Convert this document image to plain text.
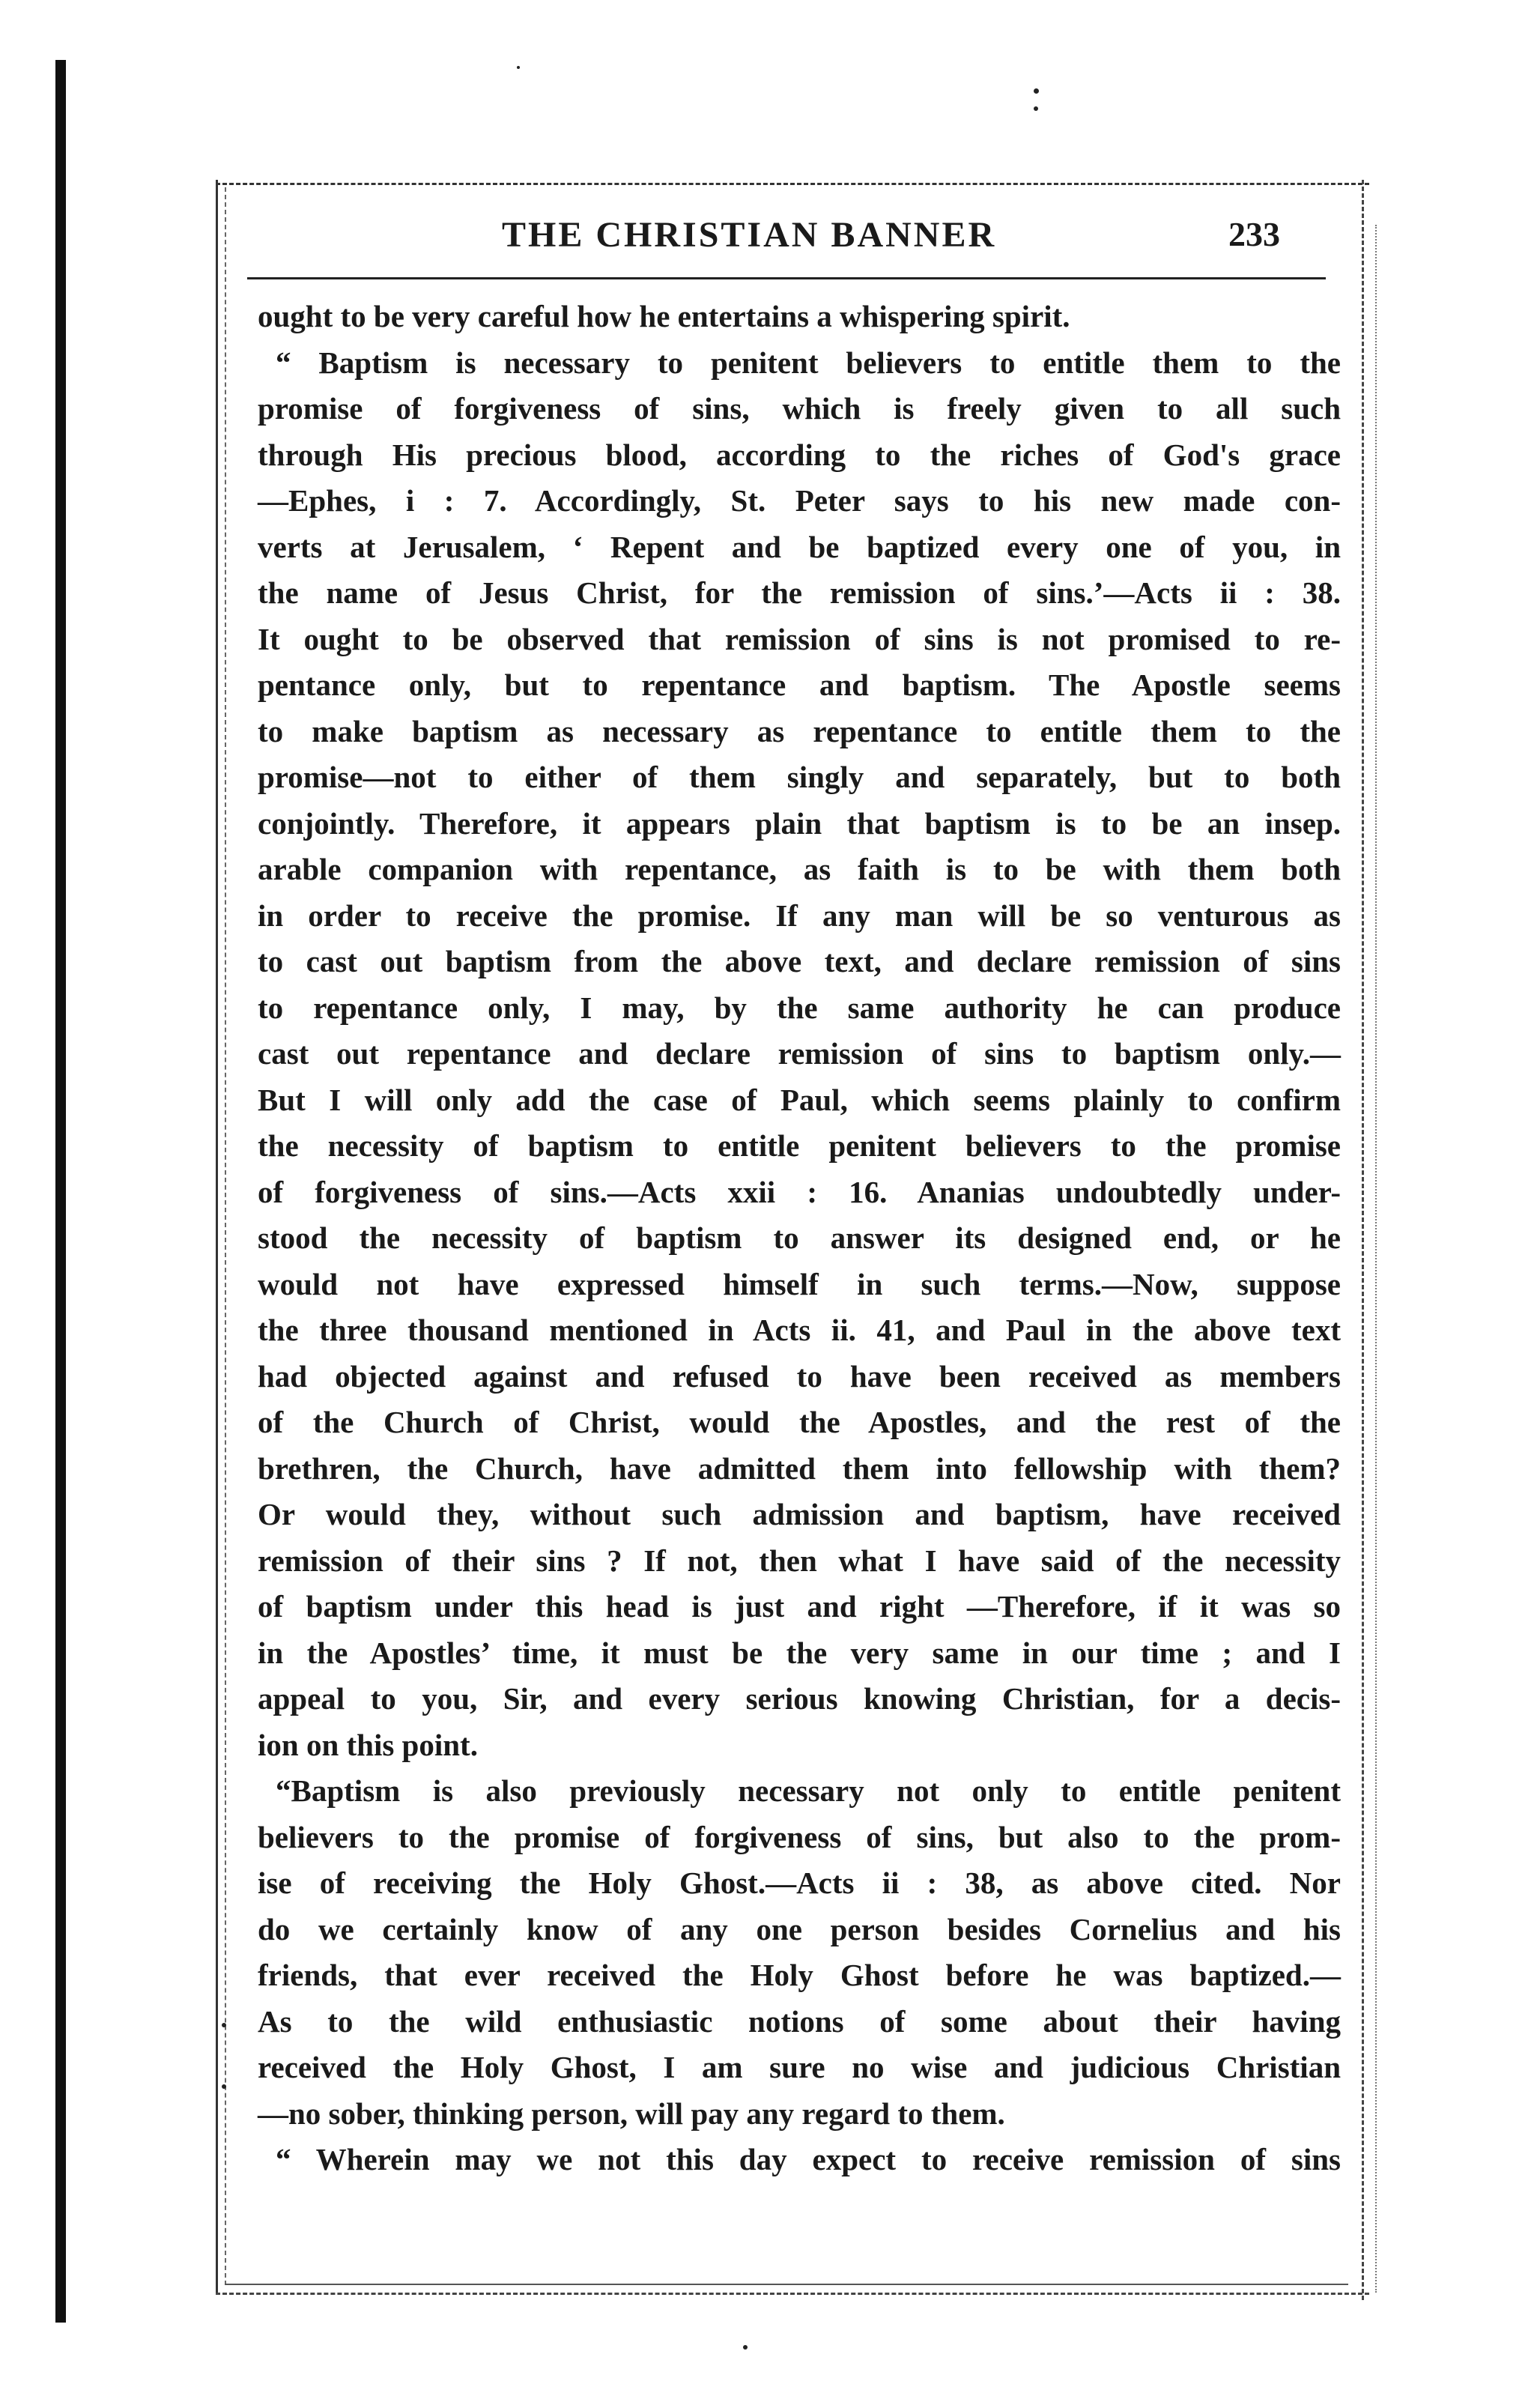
THE CHRISTIAN BANNER	233
ought to be very careful how he entertains a whispering spirit.
“ Baptism is necessary to penitent believers to entitle them to the
promise of forgiveness of sins, which is freely given to all such
through His precious blood, according to the riches of God's grace
—Ephes, i : 7. Accordingly, St. Peter says to his new made con-
verts at Jerusalem, ‘ Repent and be baptized every one of you, in
the name of Jesus Christ, for the remission of sins.’—Acts ii : 38.
It ought to be observed that remission of sins is not promised to re-
pentance only, but to repentance and baptism. The Apostle seems
to make baptism as necessary as repentance to entitle them to the
promise—not to either of them singly and separately, but to both
conjointly. Therefore, it appears plain that baptism is to be an insep.
arable companion with repentance, as faith is to be with them both
in order to receive the promise. If any man will be so venturous as
to cast out baptism from the above text, and declare remission of sins
to repentance only, I may, by the same authority he can produce
cast out repentance and declare remission of sins to baptism only.—
But I will only add the case of Paul, which seems plainly to confirm
the necessity of baptism to entitle penitent believers to the promise
of forgiveness of sins.—Acts xxii : 16. Ananias undoubtedly under-
stood the necessity of baptism to answer its designed end, or he
would not have expressed himself in such terms.—Now, suppose
the three thousand mentioned in Acts ii. 41, and Paul in the above text
had objected against and refused to have been received as members
of the Church of Christ, would the Apostles, and the rest of the
brethren, the Church, have admitted them into fellowship with them?
Or would they, without such admission and baptism, have received
remission of their sins ? If not, then what I have said of the necessity
of baptism under this head is just and right —Therefore, if it was so
in the Apostles’ time, it must be the very same in our time ; and I
appeal to you, Sir, and every serious knowing Christian, for a decis-
ion on this point.
“Baptism is also previously necessary not only to entitle penitent
believers to the promise of forgiveness of sins, but also to the prom-
ise of receiving the Holy Ghost.—Acts ii : 38, as above cited. Nor
do we certainly know of any one person besides Cornelius and his
friends, that ever received the Holy Ghost before he was baptized.—
As to the wild enthusiastic notions of some about their having
received the Holy Ghost, I am sure no wise and judicious Christian
—no sober, thinking person, will pay any regard to them.
“ Wherein may we not this day expect to receive remission of sins
